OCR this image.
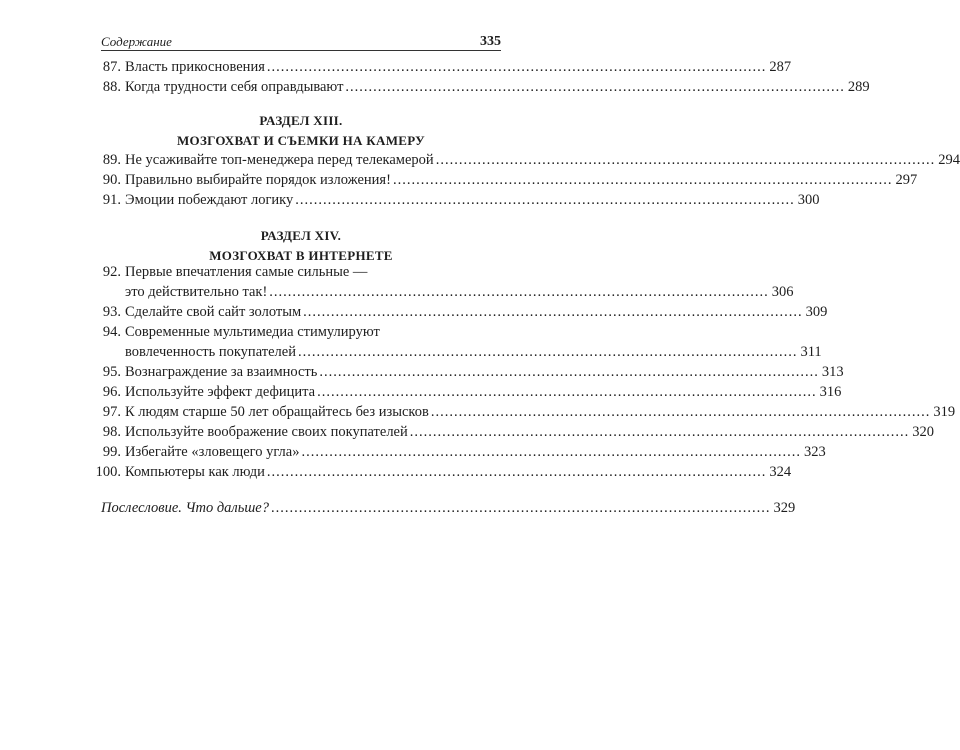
Содержание	335
87. Власть прикосновения ............................................................................................................ 287
88. Когда трудности себя оправдывают ............................................................................................................ 289
РАЗДЕЛ XIII.
МОЗГОХВАТ И СЪЕМКИ НА КАМЕРУ
89. Не усаживайте топ-менеджера перед телекамерой ............................................................................................................ 294
90. Правильно выбирайте порядок изложения! ............................................................................................................ 297
91. Эмоции побеждают логику ............................................................................................................ 300
РАЗДЕЛ XIV.
МОЗГОХВАТ В ИНТЕРНЕТЕ
92. Первые впечатления самые сильные —
это действительно так! ............................................................................................................ 306
93. Сделайте свой сайт золотым ............................................................................................................ 309
94. Современные мультимедиа стимулируют
вовлеченность покупателей ............................................................................................................ 311
95. Вознаграждение за взаимность ............................................................................................................ 313
96. Используйте эффект дефицита ............................................................................................................ 316
97. К людям старше 50 лет обращайтесь без изысков ............................................................................................................ 319
98. Используйте воображение своих покупателей ............................................................................................................ 320
99. Избегайте «зловещего угла» ............................................................................................................ 323
100. Компьютеры как люди ............................................................................................................ 324
Послесловие. Что дальше? ............................................................................................................ 329
